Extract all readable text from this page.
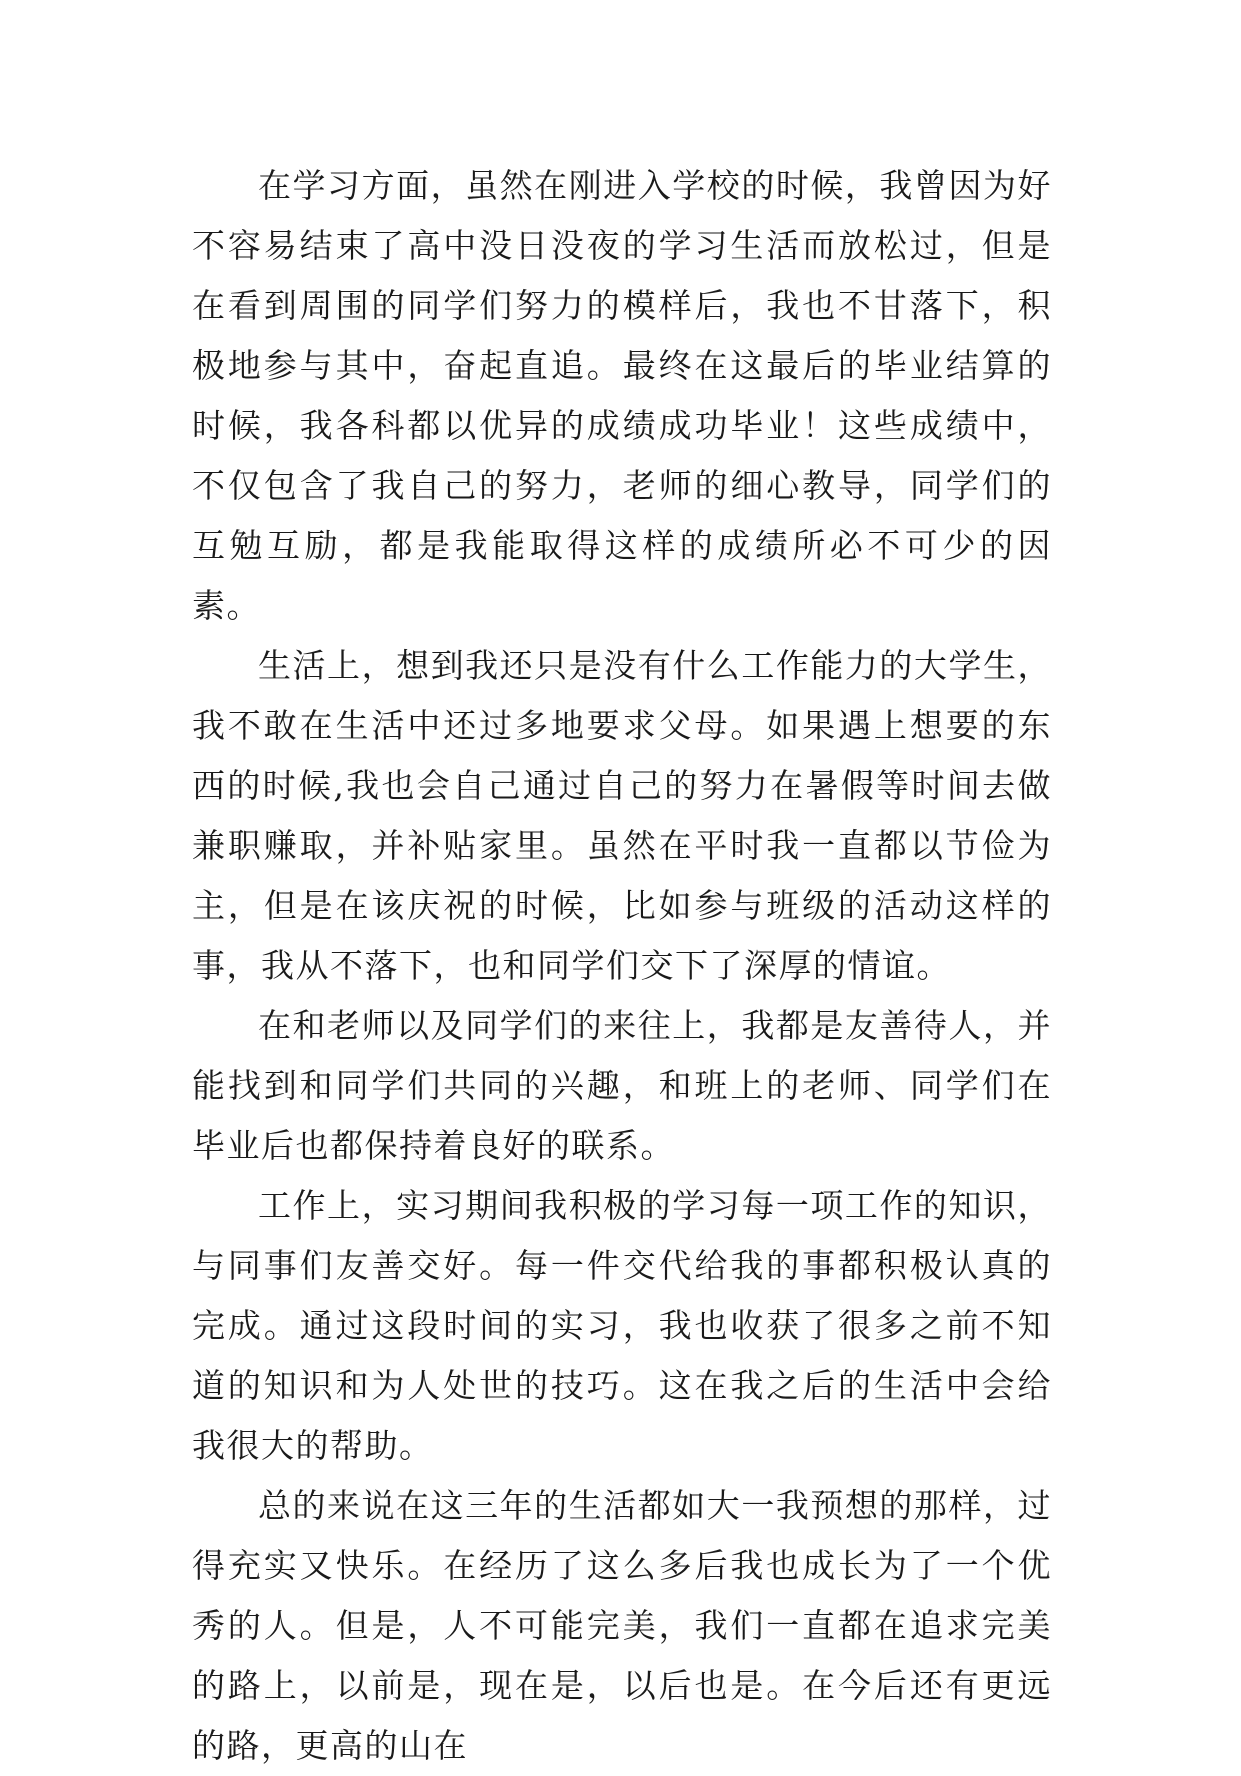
在学习方面，虽然在刚进入学校的时候，我曾因为好不容易结束了高中没日没夜的学习生活而放松过，但是在看到周围的同学们努力的模样后，我也不甘落下，积极地参与其中，奋起直追。最终在这最后的毕业结算的时候，我各科都以优异的成绩成功毕业！这些成绩中，不仅包含了我自己的努力，老师的细心教导，同学们的互勉互励，都是我能取得这样的成绩所必不可少的因素。

生活上，想到我还只是没有什么工作能力的大学生，我不敢在生活中还过多地要求父母。如果遇上想要的东西的时候,我也会自己通过自己的努力在暑假等时间去做兼职赚取，并补贴家里。虽然在平时我一直都以节俭为主，但是在该庆祝的时候，比如参与班级的活动这样的事，我从不落下，也和同学们交下了深厚的情谊。

在和老师以及同学们的来往上，我都是友善待人，并能找到和同学们共同的兴趣，和班上的老师、同学们在毕业后也都保持着良好的联系。

工作上，实习期间我积极的学习每一项工作的知识，与同事们友善交好。每一件交代给我的事都积极认真的完成。通过这段时间的实习，我也收获了很多之前不知道的知识和为人处世的技巧。这在我之后的生活中会给我很大的帮助。

总的来说在这三年的生活都如大一我预想的那样，过得充实又快乐。在经历了这么多后我也成长为了一个优秀的人。但是，人不可能完美，我们一直都在追求完美的路上，以前是，现在是，以后也是。在今后还有更远的路，更高的山在
